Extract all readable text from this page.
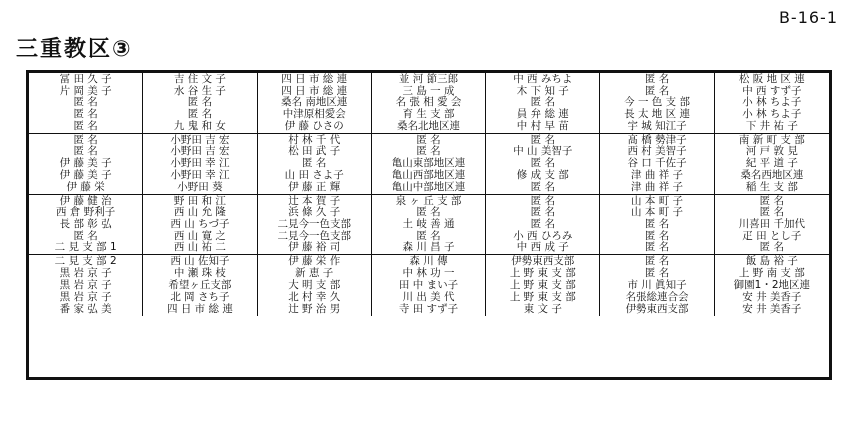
B-16-1
三重教区③
冨 田 久 子
片 岡 美 子
匿 名
匿 名
匿 名
吉 住 文 子
水 谷 生 子
匿 名
匿 名
九 鬼 和 女
四 日 市 総 連
四 日 市 総 連
桑名 南地区連
中津原相愛会
伊 藤 ひさの
並 河 節三郎
三 島 一 成
名 張 相 愛 会
育 生 支 部
桑名北地区連
中 西 みちよ
木 下 知 子
匿 名
員 弁 総 連
中 村 早 苗
匿 名
匿 名
今 一 色 支 部
長 太 地 区 連
宇 城 知江子
松 阪 地 区 連
中 西 すず子
小 林 ちよ子
小 林 ちよ子
下 井 祐 子
匿 名
匿 名
伊 藤 美 子
伊 藤 美 子
伊 藤 栄
小野田 吉 宏
小野田 吉 宏
小野田 幸 江
小野田 幸 江
小野田 葵
村 林 千 代
松 田 武 子
匿 名
山 田 さよ子
伊 藤 正 輝
匿 名
匿 名
亀山東部地区連
亀山西部地区連
亀山中部地区連
匿 名
中 山 美智子
匿 名
修 成 支 部
匿 名
髙 橋 勢津子
西 村 美智子
谷 口 千佐子
津 曲 祥 子
津 曲 祥 子
南 新 町 支 部
河 戸 敦 見
紀 平 道 子
桑名西地区連
稲 生 支 部
伊 藤 健 治
西 倉 野利子
長 部 彰 弘
匿 名
二 見 支 部 1
野 田 和 江
西 山 允 隆
西 山 ちづ子
西 山 寛 之
西 山 祐 二
辻 本 賀 子
浜 條 久 子
二見今一色支部
二見今一色支部
伊 藤 裕 司
泉 ヶ 丘 支 部
匿 名
土 岐 善 通
匿 名
森 川 昌 子
匿 名
匿 名
匿 名
小 西 ひろみ
中 西 成 子
山 本 町 子
山 本 町 子
匿 名
匿 名
匿 名
匿 名
匿 名
川喜田 千加代
疋 田 とし子
匿 名
二 見 支 部 2
黒 岩 京 子
黒 岩 京 子
黒 岩 京 子
番 家 弘 美
西 山 佐知子
中 瀬 珠 枝
希望ヶ丘支部
北 岡 さち子
四 日 市 総 連
伊 藤 栄 作
新 恵 子
大 明 支 部
北 村 幸 久
辻 野 治 男
森 川 傳
中 林 功 一
田 中 まい子
川 出 美 代
寺 田 すず子
伊勢東西支部
上 野 東 支 部
上 野 東 支 部
上 野 東 支 部
東 文 子
匿 名
匿 名
市 川 眞知子
名張総連合会
伊勢東西支部
飯 島 裕 子
上 野 南 支 部
御園1・2地区連
安 井 美香子
安 井 美香子
